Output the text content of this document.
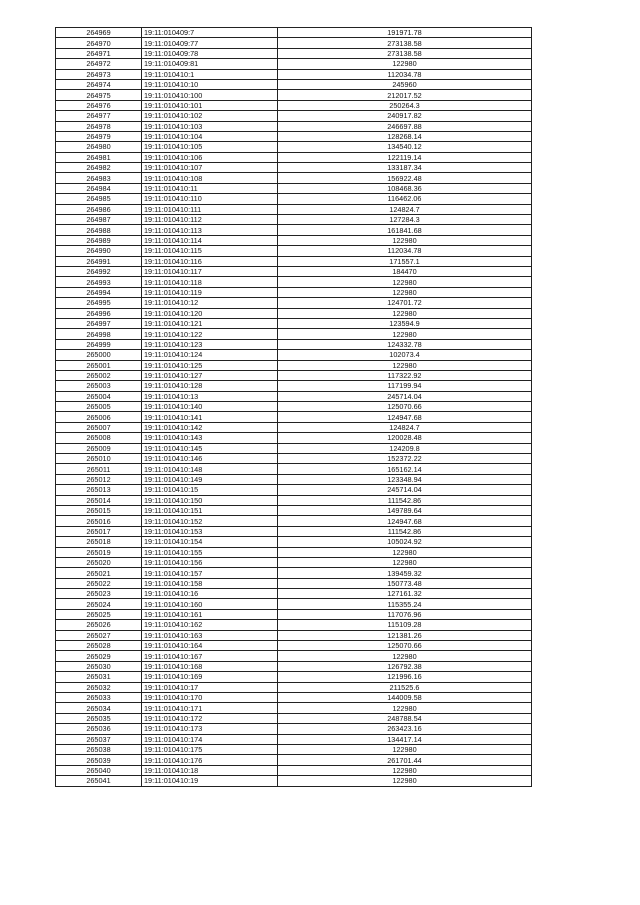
264969	19:11:010409:7	191971.78
264970	19:11:010409:77	273138.58
264971	19:11:010409:78	273138.58
264972	19:11:010409:81	122980
264973	19:11:010410:1	112034.78
264974	19:11:010410:10	245960
264975	19:11:010410:100	212017.52
264976	19:11:010410:101	250264.3
264977	19:11:010410:102	240917.82
264978	19:11:010410:103	246697.88
264979	19:11:010410:104	128268.14
264980	19:11:010410:105	134540.12
264981	19:11:010410:106	122119.14
264982	19:11:010410:107	133187.34
264983	19:11:010410:108	156922.48
264984	19:11:010410:11	108468.36
264985	19:11:010410:110	116462.06
264986	19:11:010410:111	124824.7
264987	19:11:010410:112	127284.3
264988	19:11:010410:113	161841.68
264989	19:11:010410:114	122980
264990	19:11:010410:115	112034.78
264991	19:11:010410:116	171557.1
264992	19:11:010410:117	184470
264993	19:11:010410:118	122980
264994	19:11:010410:119	122980
264995	19:11:010410:12	124701.72
264996	19:11:010410:120	122980
264997	19:11:010410:121	123594.9
264998	19:11:010410:122	122980
264999	19:11:010410:123	124332.78
265000	19:11:010410:124	102073.4
265001	19:11:010410:125	122980
265002	19:11:010410:127	117322.92
265003	19:11:010410:128	117199.94
265004	19:11:010410:13	245714.04
265005	19:11:010410:140	125070.66
265006	19:11:010410:141	124947.68
265007	19:11:010410:142	124824.7
265008	19:11:010410:143	120028.48
265009	19:11:010410:145	124209.8
265010	19:11:010410:146	152372.22
265011	19:11:010410:148	165162.14
265012	19:11:010410:149	123348.94
265013	19:11:010410:15	245714.04
265014	19:11:010410:150	111542.86
265015	19:11:010410:151	149789.64
265016	19:11:010410:152	124947.68
265017	19:11:010410:153	111542.86
265018	19:11:010410:154	105024.92
265019	19:11:010410:155	122980
265020	19:11:010410:156	122980
265021	19:11:010410:157	139459.32
265022	19:11:010410:158	150773.48
265023	19:11:010410:16	127161.32
265024	19:11:010410:160	115355.24
265025	19:11:010410:161	117076.96
265026	19:11:010410:162	115109.28
265027	19:11:010410:163	121381.26
265028	19:11:010410:164	125070.66
265029	19:11:010410:167	122980
265030	19:11:010410:168	126792.38
265031	19:11:010410:169	121996.16
265032	19:11:010410:17	211525.6
265033	19:11:010410:170	144009.58
265034	19:11:010410:171	122980
265035	19:11:010410:172	248788.54
265036	19:11:010410:173	263423.16
265037	19:11:010410:174	134417.14
265038	19:11:010410:175	122980
265039	19:11:010410:176	261701.44
265040	19:11:010410:18	122980
265041	19:11:010410:19	122980
